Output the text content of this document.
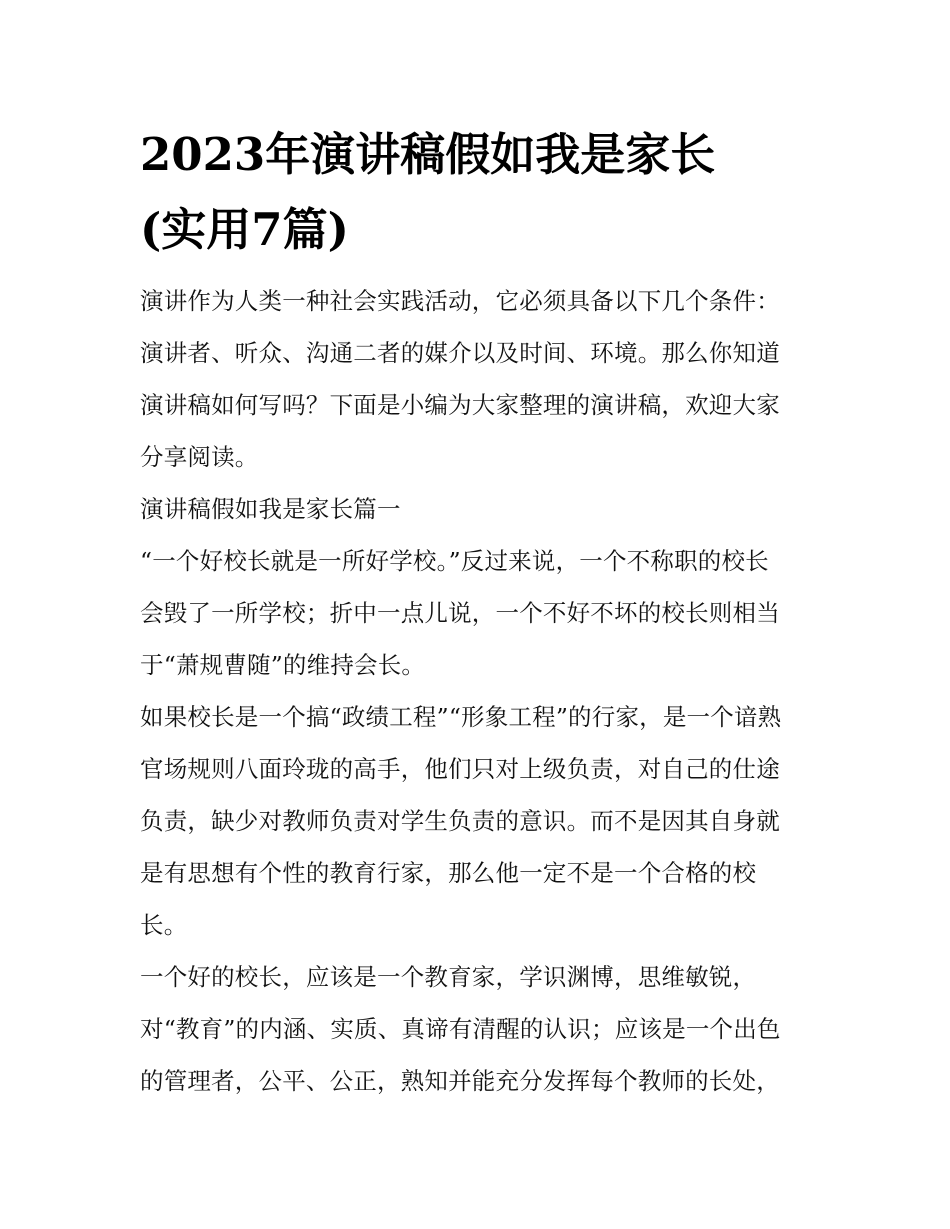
2023年演讲稿假如我是家长
(实用7篇)
演讲作为人类一种社会实践活动，它必须具备以下几个条件：
演讲者、听众、沟通二者的媒介以及时间、环境。那么你知道
演讲稿如何写吗？下面是小编为大家整理的演讲稿，欢迎大家
分享阅读。
演讲稿假如我是家长篇一
“一个好校长就是一所好学校。”反过来说，一个不称职的校长
会毁了一所学校；折中一点儿说，一个不好不坏的校长则相当
于“萧规曹随”的维持会长。
如果校长是一个搞“政绩工程”“形象工程”的行家，是一个谙熟
官场规则八面玲珑的高手，他们只对上级负责，对自己的仕途
负责，缺少对教师负责对学生负责的意识。而不是因其自身就
是有思想有个性的教育行家，那么他一定不是一个合格的校
长。
一个好的校长，应该是一个教育家，学识渊博，思维敏锐，
对“教育”的内涵、实质、真谛有清醒的认识；应该是一个出色
的管理者，公平、公正，熟知并能充分发挥每个教师的长处，
